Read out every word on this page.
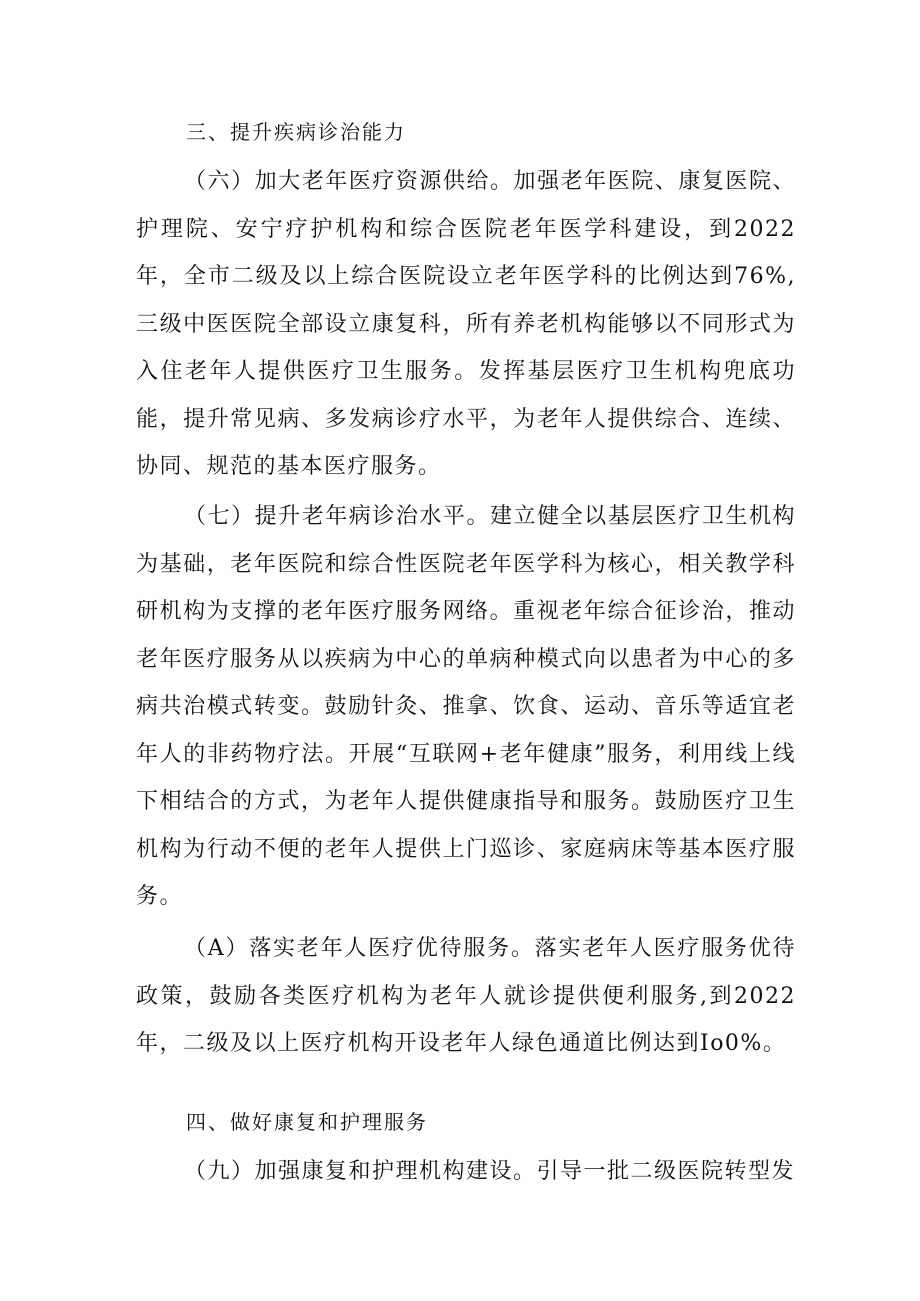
三、提升疾病诊治能力

（六）加大老年医疗资源供给。加强老年医院、康复医院、护理院、安宁疗护机构和综合医院老年医学科建设，到2022年，全市二级及以上综合医院设立老年医学科的比例达到76%,三级中医医院全部设立康复科，所有养老机构能够以不同形式为入住老年人提供医疗卫生服务。发挥基层医疗卫生机构兜底功能，提升常见病、多发病诊疗水平，为老年人提供综合、连续、协同、规范的基本医疗服务。

（七）提升老年病诊治水平。建立健全以基层医疗卫生机构为基础，老年医院和综合性医院老年医学科为核心，相关教学科研机构为支撑的老年医疗服务网络。重视老年综合征诊治，推动老年医疗服务从以疾病为中心的单病种模式向以患者为中心的多病共治模式转变。鼓励针灸、推拿、饮食、运动、音乐等适宜老年人的非药物疗法。开展“互联网+老年健康”服务，利用线上线下相结合的方式，为老年人提供健康指导和服务。鼓励医疗卫生机构为行动不便的老年人提供上门巡诊、家庭病床等基本医疗服务。

（A）落实老年人医疗优待服务。落实老年人医疗服务优待政策，鼓励各类医疗机构为老年人就诊提供便利服务,到2022年，二级及以上医疗机构开设老年人绿色通道比例达到Io0%。

四、做好康复和护理服务

（九）加强康复和护理机构建设。引导一批二级医院转型发
